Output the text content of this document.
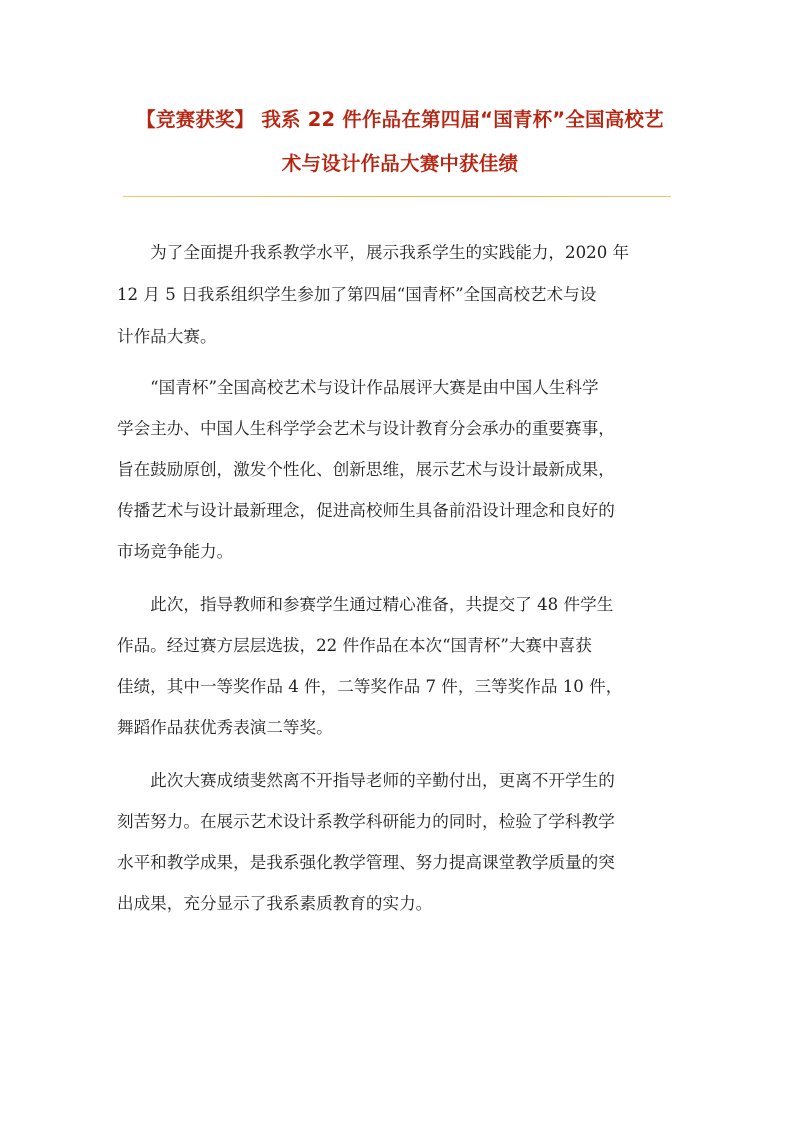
【竞赛获奖】 我系 22 件作品在第四届“国青杯”全国高校艺
术与设计作品大赛中获佳绩
　　为了全面提升我系教学水平，展示我系学生的实践能力，2020 年
12 月 5 日我系组织学生参加了第四届“国青杯”全国高校艺术与设
计作品大赛。
　　“国青杯”全国高校艺术与设计作品展评大赛是由中国人生科学
学会主办、中国人生科学学会艺术与设计教育分会承办的重要赛事，
旨在鼓励原创，激发个性化、创新思维，展示艺术与设计最新成果，
传播艺术与设计最新理念，促进高校师生具备前沿设计理念和良好的
市场竞争能力。
　　此次，指导教师和参赛学生通过精心准备，共提交了 48 件学生
作品。经过赛方层层选拔，22 件作品在本次“国青杯”大赛中喜获
佳绩，其中一等奖作品 4 件，二等奖作品 7 件，三等奖作品 10 件，
舞蹈作品获优秀表演二等奖。
　　此次大赛成绩斐然离不开指导老师的辛勤付出，更离不开学生的
刻苦努力。在展示艺术设计系教学科研能力的同时，检验了学科教学
水平和教学成果，是我系强化教学管理、努力提高课堂教学质量的突
出成果，充分显示了我系素质教育的实力。
